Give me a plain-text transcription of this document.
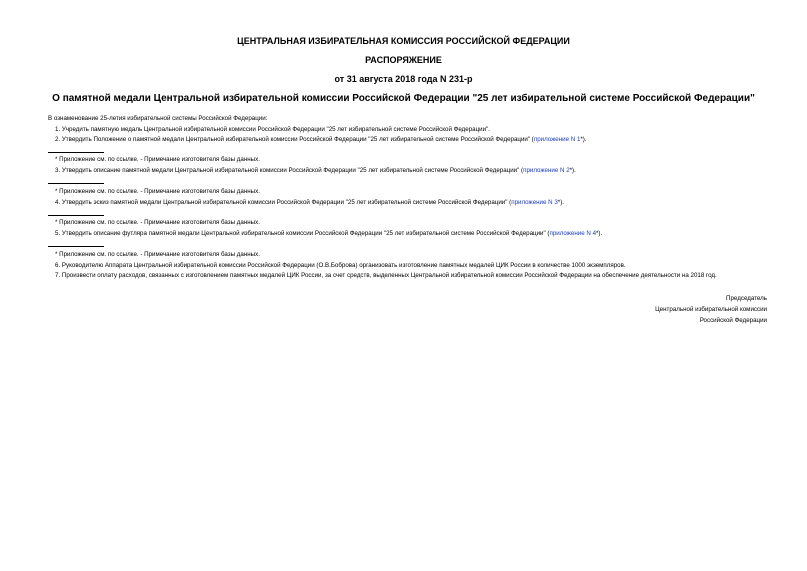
ЦЕНТРАЛЬНАЯ ИЗБИРАТЕЛЬНАЯ КОМИССИЯ РОССИЙСКОЙ ФЕДЕРАЦИИ
РАСПОРЯЖЕНИЕ
от 31 августа 2018 года N 231-р
О памятной медали Центральной избирательной комиссии Российской Федерации "25 лет избирательной системе Российской Федерации"
В ознаменование 25-летия избирательной системы Российской Федерации:
1. Учредить памятную медаль Центральной избирательной комиссии Российской Федерации "25 лет избирательной системе Российской Федерации".
2. Утвердить Положение о памятной медали Центральной избирательной комиссии Российской Федерации "25 лет избирательной системе Российской Федерации" (приложение N 1*).
* Приложение см. по ссылке. - Примечание изготовителя базы данных.
3. Утвердить описание памятной медали Центральной избирательной комиссии Российской Федерации "25 лет избирательной системе Российской Федерации" (приложение N 2*).
* Приложение см. по ссылке. - Примечание изготовителя базы данных.
4. Утвердить эскиз памятной медали Центральной избирательной комиссии Российской Федерации "25 лет избирательной системе Российской Федерации" (приложение N 3*).
* Приложение см. по ссылке. - Примечание изготовителя базы данных.
5. Утвердить описание футляра памятной медали Центральной избирательной комиссии Российской Федерации "25 лет избирательной системе Российской Федерации" (приложение N 4*).
* Приложение см. по ссылке. - Примечание изготовителя базы данных.
6. Руководителю Аппарата Центральной избирательной комиссии Российской Федерации (О.В.Боброва) организовать изготовление памятных медалей ЦИК России в количестве 1000 экземпляров.
7. Произвести оплату расходов, связанных с изготовлением памятных медалей ЦИК России, за счет средств, выделенных Центральной избирательной комиссии Российской Федерации на обеспечение деятельности на 2018 год.
Председатель
Центральной избирательной комиссии
Российской Федерации
